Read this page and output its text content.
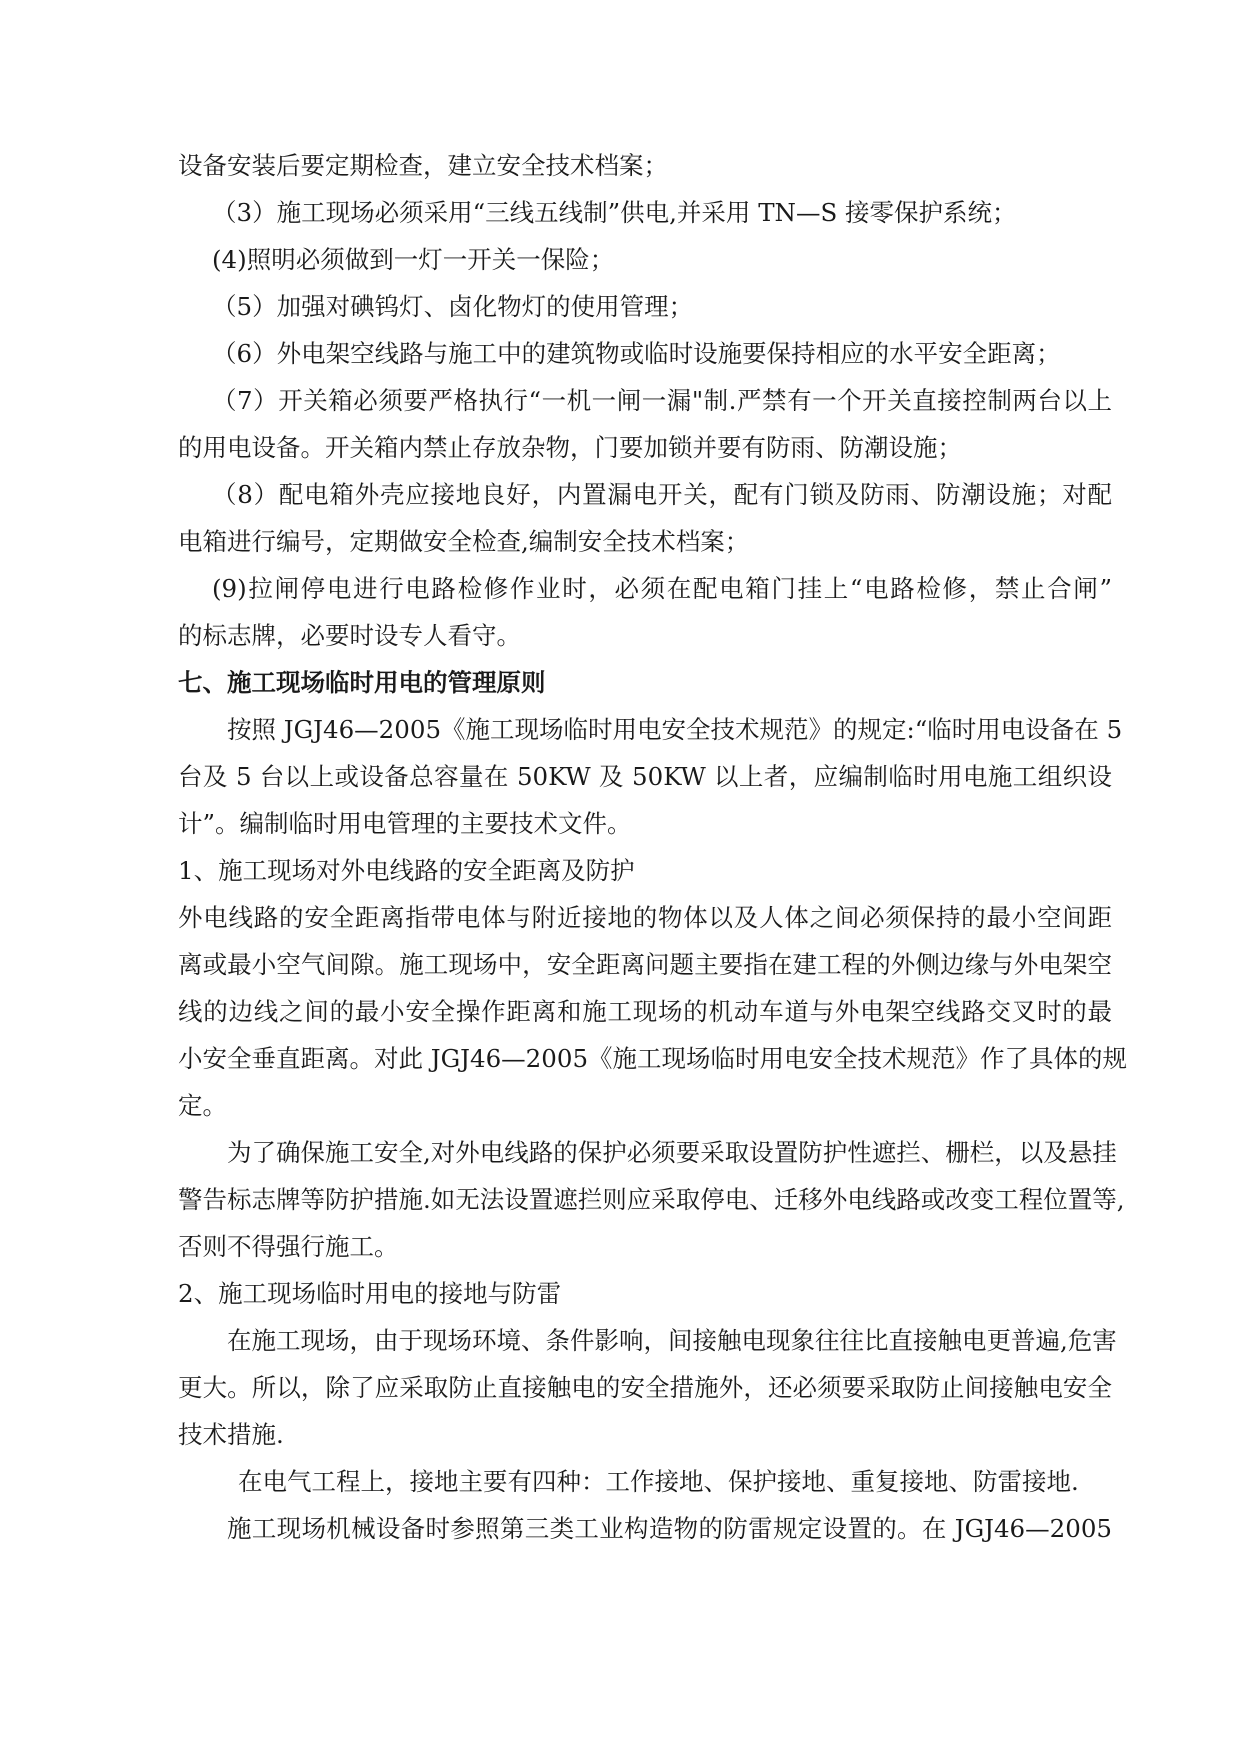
设备安装后要定期检查，建立安全技术档案；
（3）施工现场必须采用“三线五线制”供电,并采用 TN—S 接零保护系统；
(4)照明必须做到一灯一开关一保险；
（5）加强对碘钨灯、卤化物灯的使用管理；
（6）外电架空线路与施工中的建筑物或临时设施要保持相应的水平安全距离；
（7）开关箱必须要严格执行“一机一闸一漏"制.严禁有一个开关直接控制两台以上
的用电设备。开关箱内禁止存放杂物，门要加锁并要有防雨、防潮设施；
（8）配电箱外壳应接地良好，内置漏电开关，配有门锁及防雨、防潮设施；对配
电箱进行编号，定期做安全检查,编制安全技术档案；
(9)拉闸停电进行电路检修作业时，必须在配电箱门挂上“电路检修，禁止合闸”
的标志牌，必要时设专人看守。
七、施工现场临时用电的管理原则
按照 JGJ46—2005《施工现场临时用电安全技术规范》的规定:“临时用电设备在 5
台及 5 台以上或设备总容量在 50KW 及 50KW 以上者，应编制临时用电施工组织设
计”。编制临时用电管理的主要技术文件。
1、施工现场对外电线路的安全距离及防护
外电线路的安全距离指带电体与附近接地的物体以及人体之间必须保持的最小空间距
离或最小空气间隙。施工现场中，安全距离问题主要指在建工程的外侧边缘与外电架空
线的边线之间的最小安全操作距离和施工现场的机动车道与外电架空线路交叉时的最
小安全垂直距离。对此 JGJ46—2005《施工现场临时用电安全技术规范》作了具体的规
定。
为了确保施工安全,对外电线路的保护必须要采取设置防护性遮拦、栅栏，以及悬挂
警告标志牌等防护措施.如无法设置遮拦则应采取停电、迁移外电线路或改变工程位置等,
否则不得强行施工。
2、施工现场临时用电的接地与防雷
在施工现场，由于现场环境、条件影响，间接触电现象往往比直接触电更普遍,危害
更大。所以，除了应采取防止直接触电的安全措施外，还必须要采取防止间接触电安全
技术措施.
在电气工程上，接地主要有四种：工作接地、保护接地、重复接地、防雷接地.
施工现场机械设备时参照第三类工业构造物的防雷规定设置的。在 JGJ46—2005
